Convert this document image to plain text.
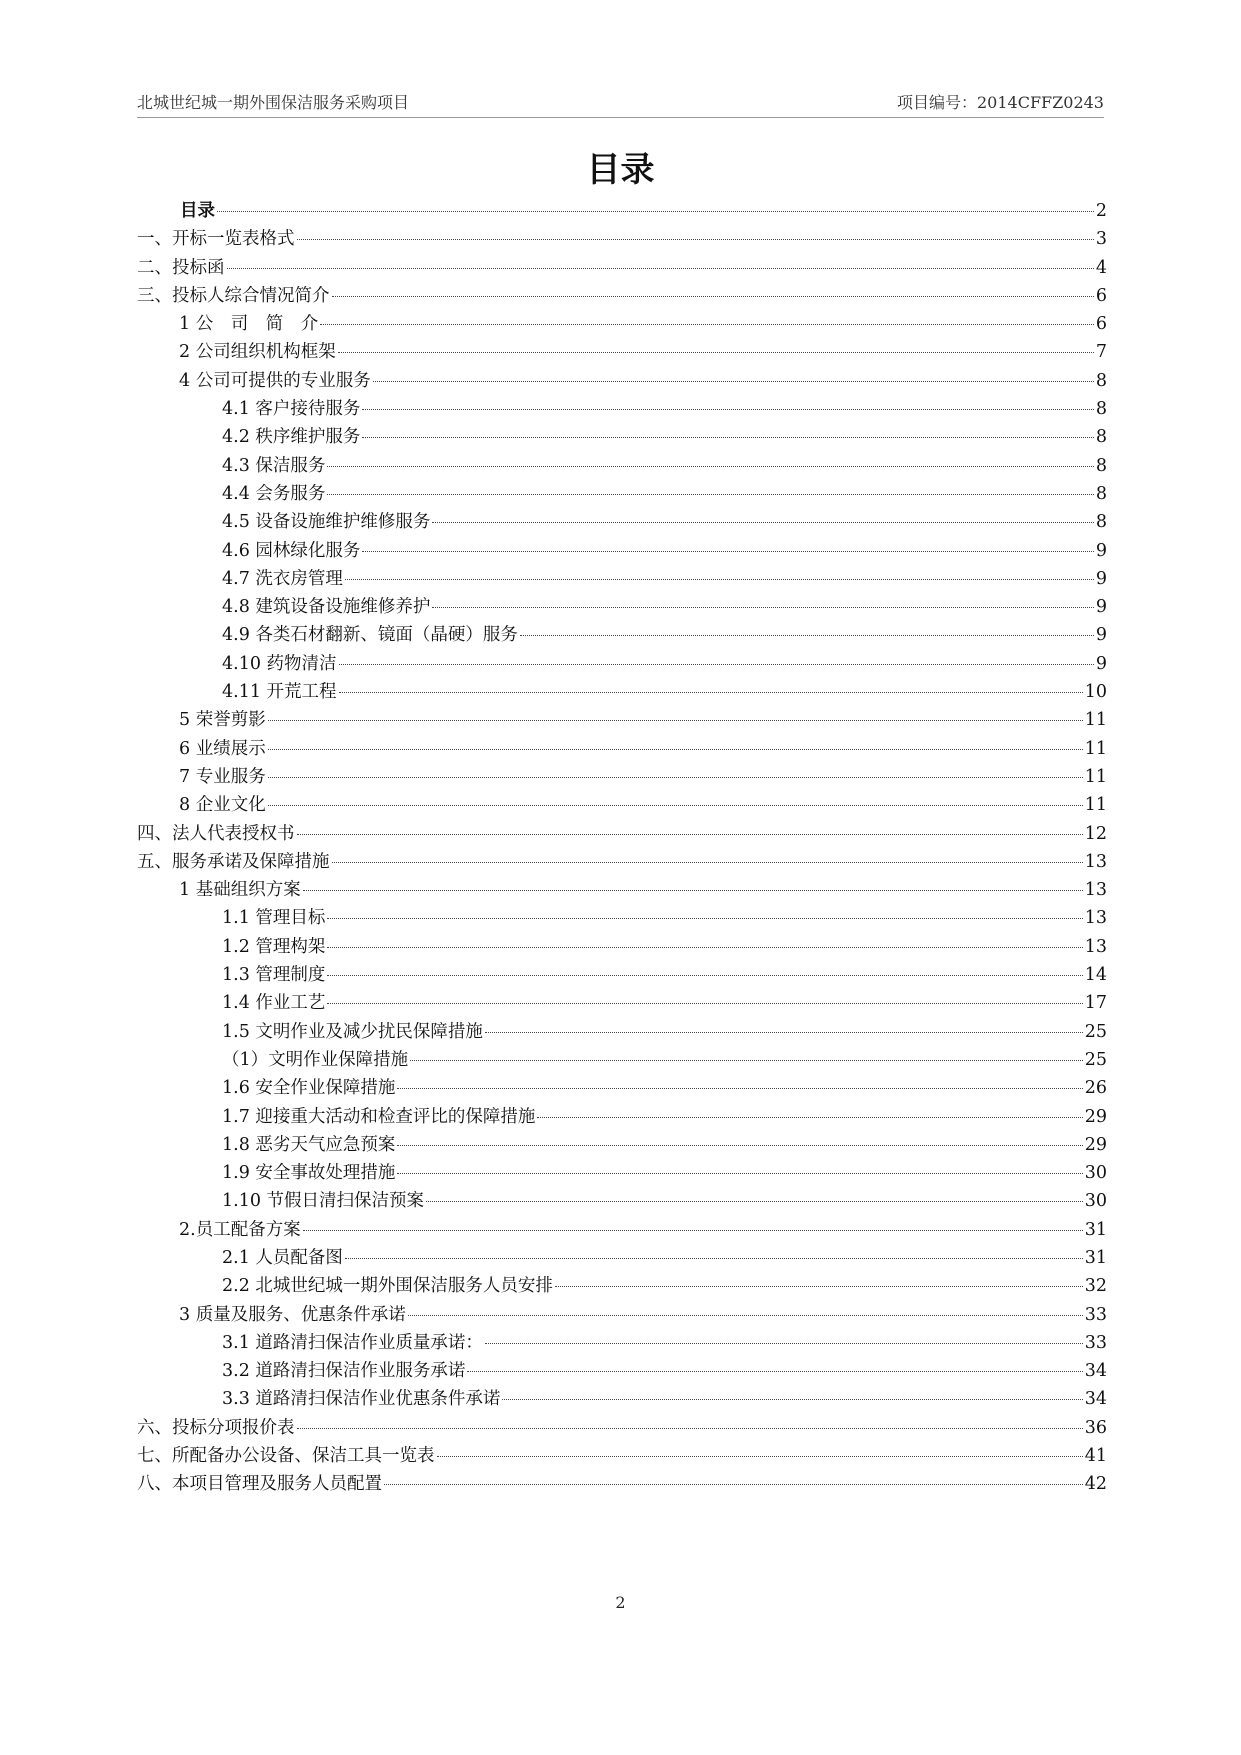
北城世纪城一期外围保洁服务采购项目	项目编号：2014CFFZ0243
目录
目录	2
一、开标一览表格式	3
二、投标函	4
三、投标人综合情况简介	6
1 公　司　简　介	6
2 公司组织机构框架	7
4 公司可提供的专业服务	8
4.1 客户接待服务	8
4.2 秩序维护服务	8
4.3 保洁服务	8
4.4 会务服务	8
4.5 设备设施维护维修服务	8
4.6 园林绿化服务	9
4.7 洗衣房管理	9
4.8 建筑设备设施维修养护	9
4.9 各类石材翻新、镜面（晶硬）服务	9
4.10 药物清洁	9
4.11 开荒工程	10
5 荣誉剪影	11
6 业绩展示	11
7 专业服务	11
8 企业文化	11
四、法人代表授权书	12
五、服务承诺及保障措施	13
1 基础组织方案	13
1.1 管理目标	13
1.2 管理构架	13
1.3 管理制度	14
1.4 作业工艺	17
1.5 文明作业及减少扰民保障措施	25
（1）文明作业保障措施	25
1.6 安全作业保障措施	26
1.7 迎接重大活动和检查评比的保障措施	29
1.8 恶劣天气应急预案	29
1.9 安全事故处理措施	30
1.10 节假日清扫保洁预案	30
2.员工配备方案	31
2.1 人员配备图	31
2.2 北城世纪城一期外围保洁服务人员安排	32
3 质量及服务、优惠条件承诺	33
3.1 道路清扫保洁作业质量承诺：	33
3.2 道路清扫保洁作业服务承诺	34
3.3 道路清扫保洁作业优惠条件承诺	34
六、投标分项报价表	36
七、所配备办公设备、保洁工具一览表	41
八、本项目管理及服务人员配置	42
2
